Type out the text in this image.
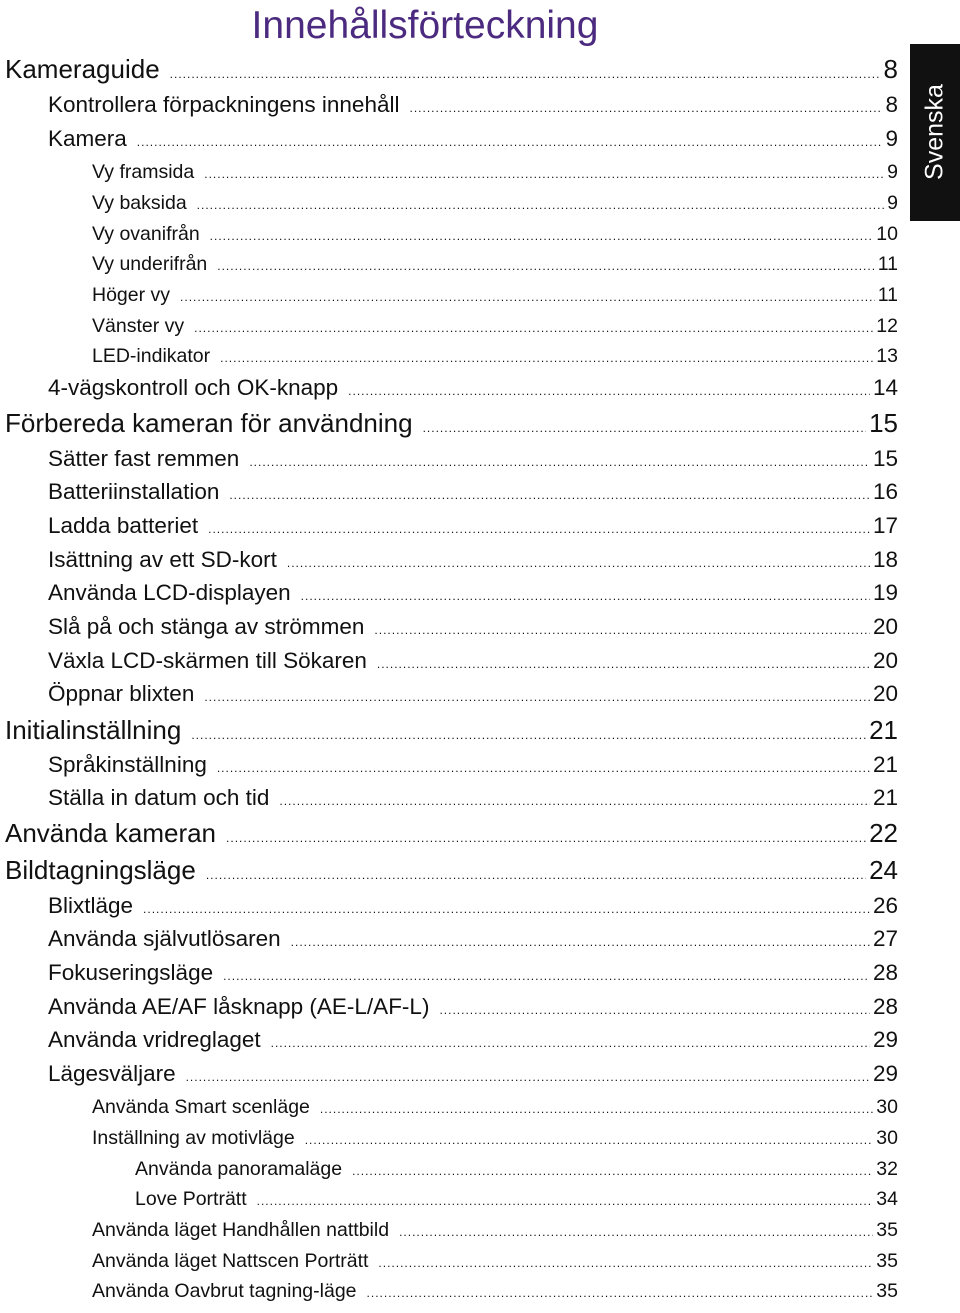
Innehållsförteckning
Svenska
Kameraguide .....	8
Kontrollera förpackningens innehåll .....	8
Kamera .....	9
Vy framsida .....	9
Vy baksida .....	9
Vy ovanifrån .....	10
Vy underifrån .....	11
Höger vy .....	11
Vänster vy .....	12
LED-indikator .....	13
4-vägskontroll och OK-knapp .....	14
Förbereda kameran för användning .....	15
Sätter fast remmen .....	15
Batteriinstallation .....	16
Ladda batteriet .....	17
Isättning av ett SD-kort .....	18
Använda LCD-displayen .....	19
Slå på och stänga av strömmen .....	20
Växla LCD-skärmen till Sökaren .....	20
Öppnar blixten .....	20
Initialinställning .....	21
Språkinställning .....	21
Ställa in datum och tid .....	21
Använda kameran .....	22
Bildtagningsläge .....	24
Blixtläge .....	26
Använda självutlösaren .....	27
Fokuseringsläge .....	28
Använda AE/AF låsknapp (AE-L/AF-L) .....	28
Använda vridreglaget .....	29
Lägesväljare .....	29
Använda Smart scenläge .....	30
Inställning av motivläge .....	30
Använda panoramaläge .....	32
Love Porträtt .....	34
Använda läget Handhållen nattbild .....	35
Använda läget Nattscen Porträtt .....	35
Använda Oavbrut tagning-läge .....	35
